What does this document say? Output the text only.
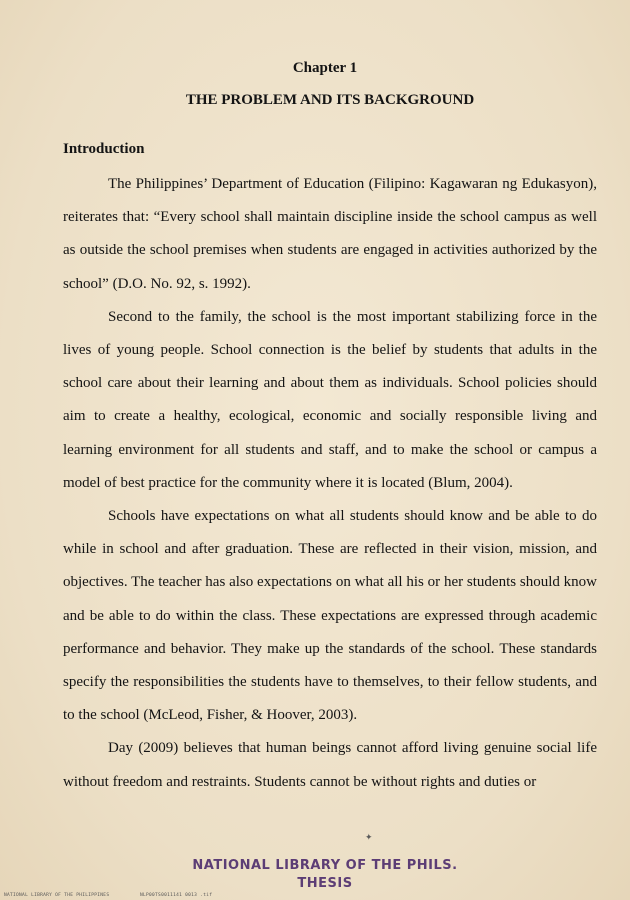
Chapter 1
THE PROBLEM AND ITS BACKGROUND
Introduction

The Philippines’ Department of Education (Filipino: Kagawaran ng Edukasyon), reiterates that: “Every school shall maintain discipline inside the school campus as well as outside the school premises when students are engaged in activities authorized by the school” (D.O. No. 92, s. 1992).

Second to the family, the school is the most important stabilizing force in the lives of young people. School connection is the belief by students that adults in the school care about their learning and about them as individuals. School policies should aim to create a healthy, ecological, economic and socially responsible living and learning environment for all students and staff, and to make the school or campus a model of best practice for the community where it is located (Blum, 2004).

Schools have expectations on what all students should know and be able to do while in school and after graduation. These are reflected in their vision, mission, and objectives. The teacher has also expectations on what all his or her students should know and be able to do within the class. These expectations are expressed through academic performance and behavior. They make up the standards of the school. These standards specify the responsibilities the students have to themselves, to their fellow students, and to the school (McLeod, Fisher, & Hoover, 2003).

Day (2009) believes that human beings cannot afford living genuine social life without freedom and restraints. Students cannot be without rights and duties or

✦
NATIONAL LIBRARY OF THE PHILS.
THESIS
NATIONAL LIBRARY OF THE PHILIPPINES	NLP00TS0011141 0013 .tif
